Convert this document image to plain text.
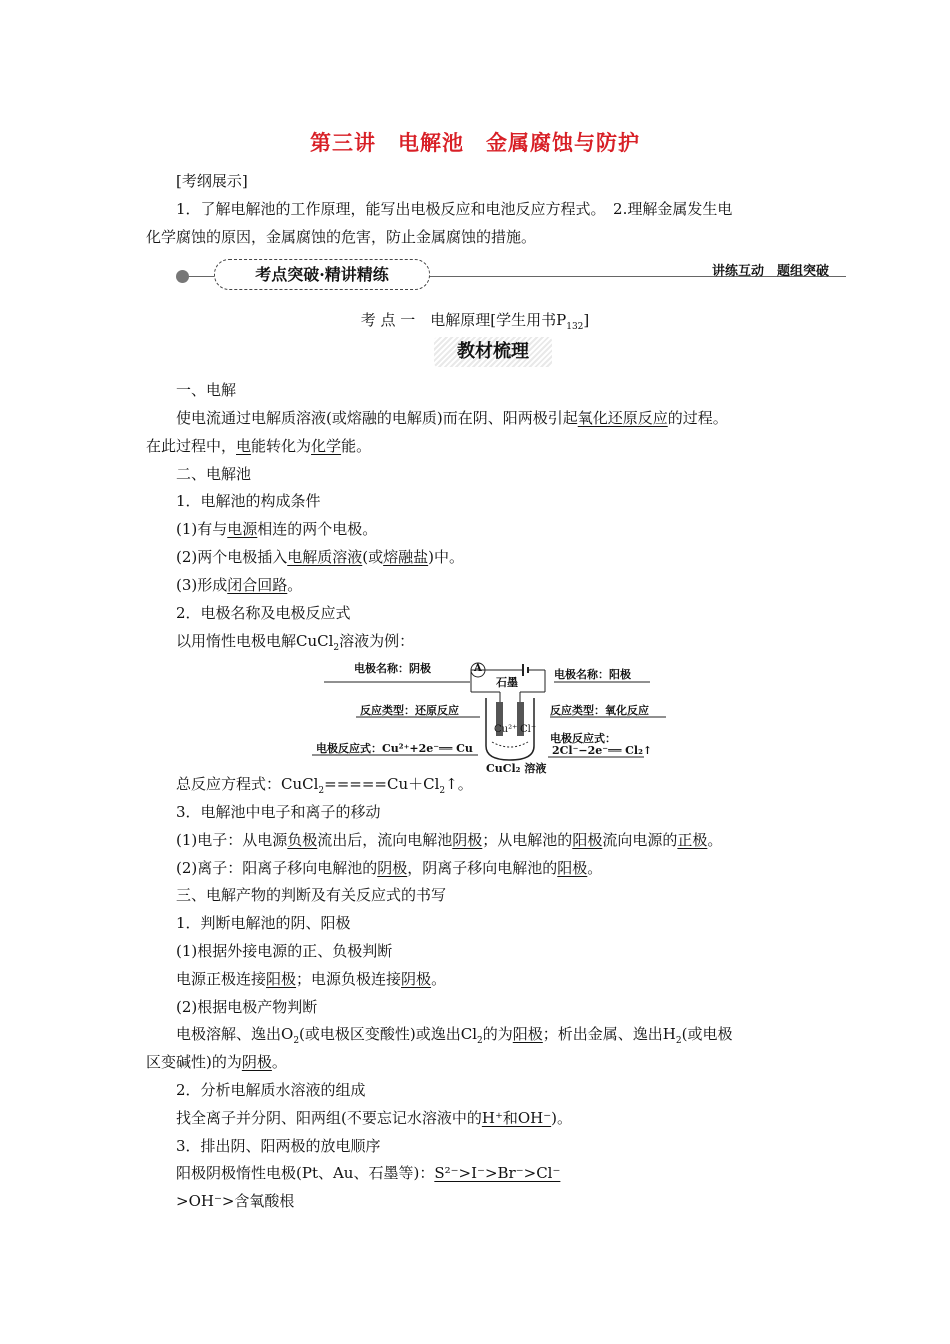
第三讲　电解池　金属腐蚀与防护
[考纲展示]
1．了解电解池的工作原理，能写出电极反应和电池反应方程式。　2.理解金属发生电
化学腐蚀的原因，金属腐蚀的危害，防止金属腐蚀的措施。
考点突破·精讲精练	讲练互动　题组突破
考 点 一　电解原理[学生用书$P_{132}$]
教材梳理
一、电解
使电流通过电解质溶液(或熔融的电解质)而在阴、阳两极引起氧化还原反应的过程。
在此过程中，电能转化为化学能。
二、电解池
1．电解池的构成条件
(1)有与电源相连的两个电极。
(2)两个电极插入电解质溶液(或熔融盐)中。
(3)形成闭合回路。
2．电极名称及电极反应式
以用惰性电极电解CuCl$_2$溶液为例：
电极名称：阴极
反应类型：还原反应
电极反应式：Cu²⁺+2e⁻══ Cu
A
石墨
Cu²⁺ Cl⁻
CuCl₂ 溶液
电极名称：阳极
反应类型：氧化反应
电极反应式：
2Cl⁻−2e⁻══ Cl₂↑
总反应方程式：$CuCl_2=====Cu+Cl_2↑$。
3．电解池中电子和离子的移动
(1)电子：从电源负极流出后，流向电解池阴极；从电解池的阳极流向电源的正极。
(2)离子：阳离子移向电解池的阴极，阴离子移向电解池的阳极。
三、电解产物的判断及有关反应式的书写
1．判断电解池的阴、阳极
(1)根据外接电源的正、负极判断
电源正极连接阳极；电源负极连接阴极。
(2)根据电极产物判断
电极溶解、逸出$O_2$(或电极区变酸性)或逸出$Cl_2$的为阳极；析出金属、逸出$H_2$(或电极
区变碱性)的为阴极。
2．分析电解质水溶液的组成
找全离子并分阴、阳两组(不要忘记水溶液中的H⁺和OH⁻)。
3．排出阴、阳两极的放电顺序
阳极阴极惰性电极(Pt、Au、石墨等)：S²⁻>I⁻>Br⁻>Cl⁻
>OH⁻>含氧酸根
